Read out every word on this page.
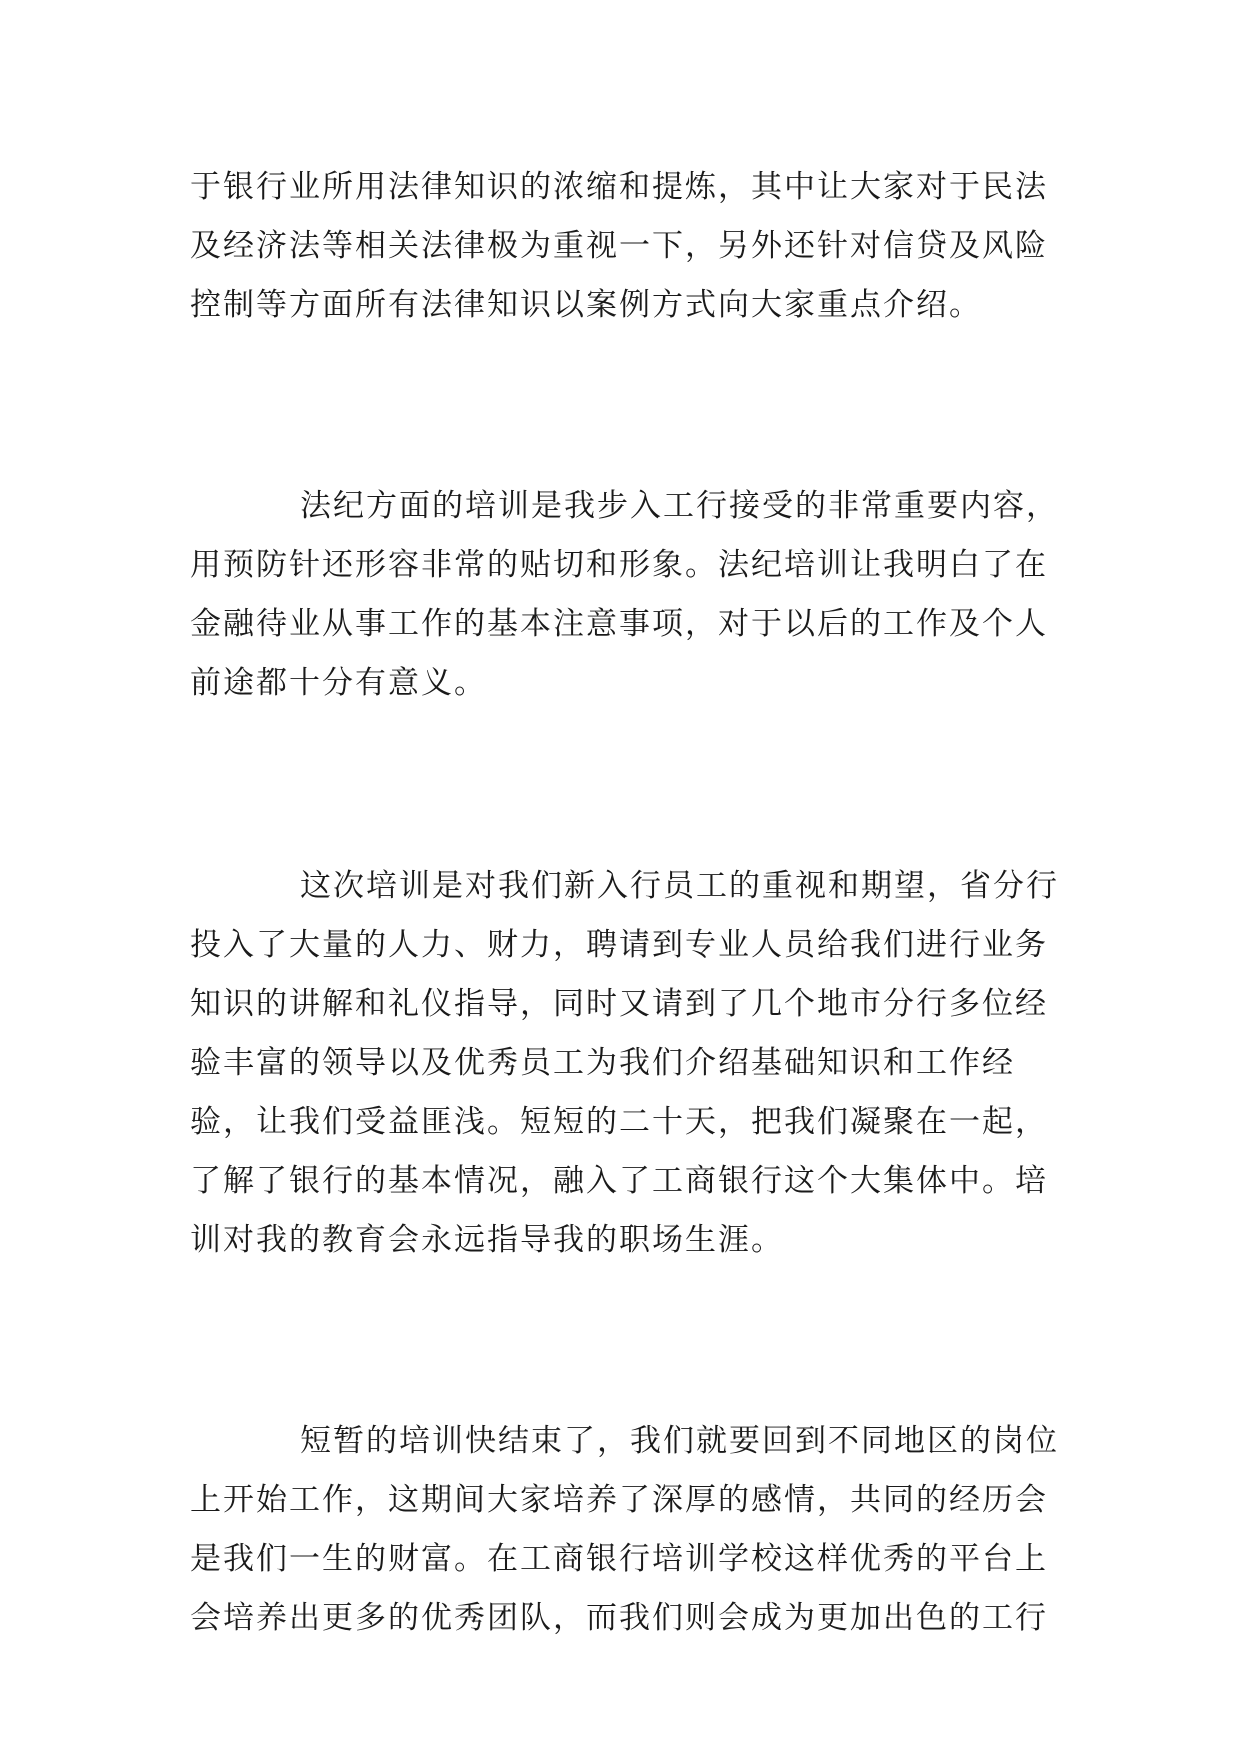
于银行业所用法律知识的浓缩和提炼，其中让大家对于民法
及经济法等相关法律极为重视一下，另外还针对信贷及风险
控制等方面所有法律知识以案例方式向大家重点介绍。
法纪方面的培训是我步入工行接受的非常重要内容，
用预防针还形容非常的贴切和形象。法纪培训让我明白了在
金融待业从事工作的基本注意事项，对于以后的工作及个人
前途都十分有意义。
这次培训是对我们新入行员工的重视和期望，省分行
投入了大量的人力、财力，聘请到专业人员给我们进行业务
知识的讲解和礼仪指导，同时又请到了几个地市分行多位经
验丰富的领导以及优秀员工为我们介绍基础知识和工作经
验，让我们受益匪浅。短短的二十天，把我们凝聚在一起，
了解了银行的基本情况，融入了工商银行这个大集体中。培
训对我的教育会永远指导我的职场生涯。
短暂的培训快结束了，我们就要回到不同地区的岗位
上开始工作，这期间大家培养了深厚的感情，共同的经历会
是我们一生的财富。在工商银行培训学校这样优秀的平台上
会培养出更多的优秀团队，而我们则会成为更加出色的工行
